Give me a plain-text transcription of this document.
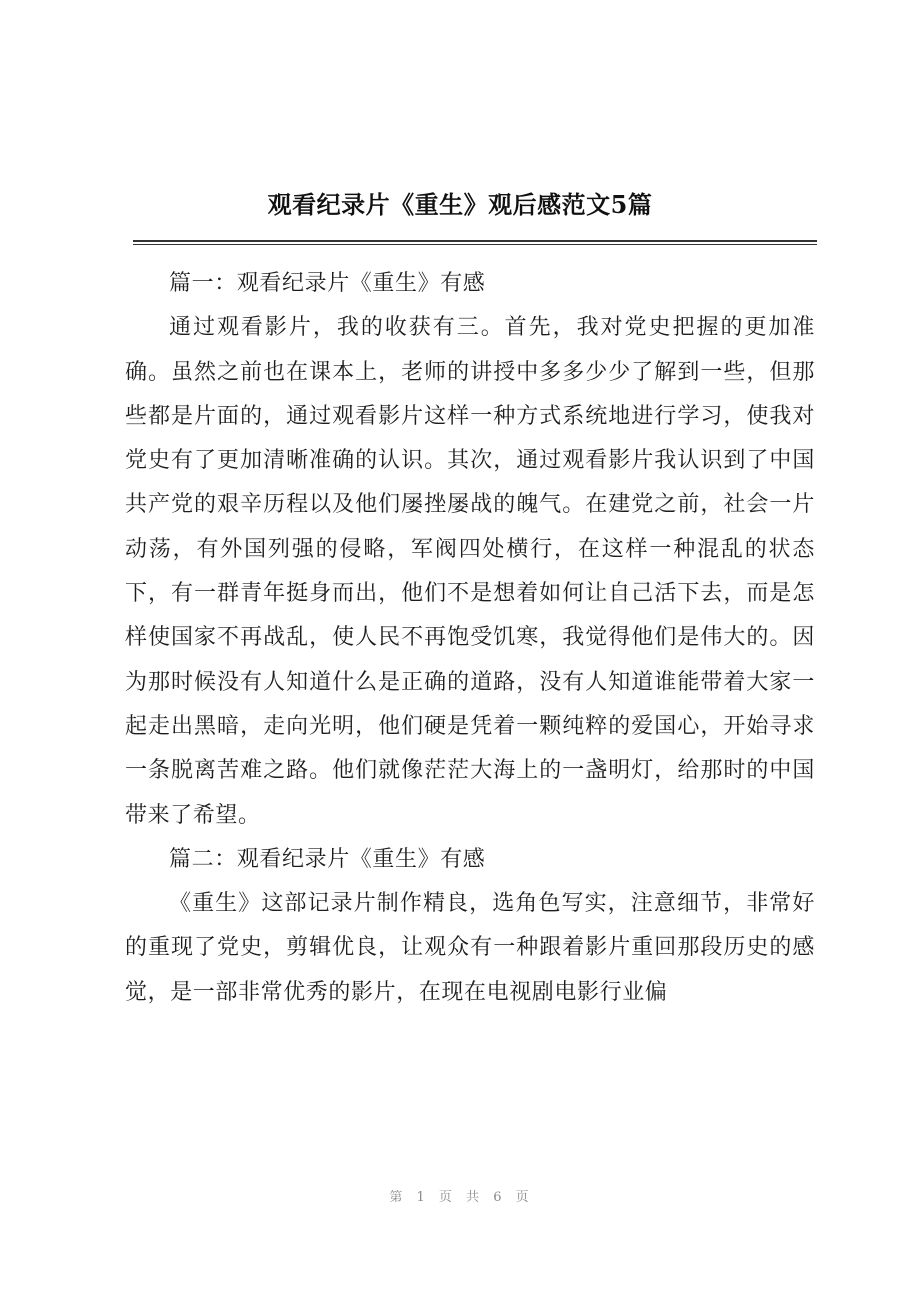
观看纪录片《重生》观后感范文5篇

篇一：观看纪录片《重生》有感

通过观看影片，我的收获有三。首先，我对党史把握的更加准确。虽然之前也在课本上，老师的讲授中多多少少了解到一些，但那些都是片面的，通过观看影片这样一种方式系统地进行学习，使我对党史有了更加清晰准确的认识。其次，通过观看影片我认识到了中国共产党的艰辛历程以及他们屡挫屡战的魄气。在建党之前，社会一片动荡，有外国列强的侵略，军阀四处横行，在这样一种混乱的状态下，有一群青年挺身而出，他们不是想着如何让自己活下去，而是怎样使国家不再战乱，使人民不再饱受饥寒，我觉得他们是伟大的。因为那时候没有人知道什么是正确的道路，没有人知道谁能带着大家一起走出黑暗，走向光明，他们硬是凭着一颗纯粹的爱国心，开始寻求一条脱离苦难之路。他们就像茫茫大海上的一盏明灯，给那时的中国带来了希望。

篇二：观看纪录片《重生》有感

《重生》这部记录片制作精良，选角色写实，注意细节，非常好的重现了党史，剪辑优良，让观众有一种跟着影片重回那段历史的感觉，是一部非常优秀的影片，在现在电视剧电影行业偏

第 1 页 共 6 页
